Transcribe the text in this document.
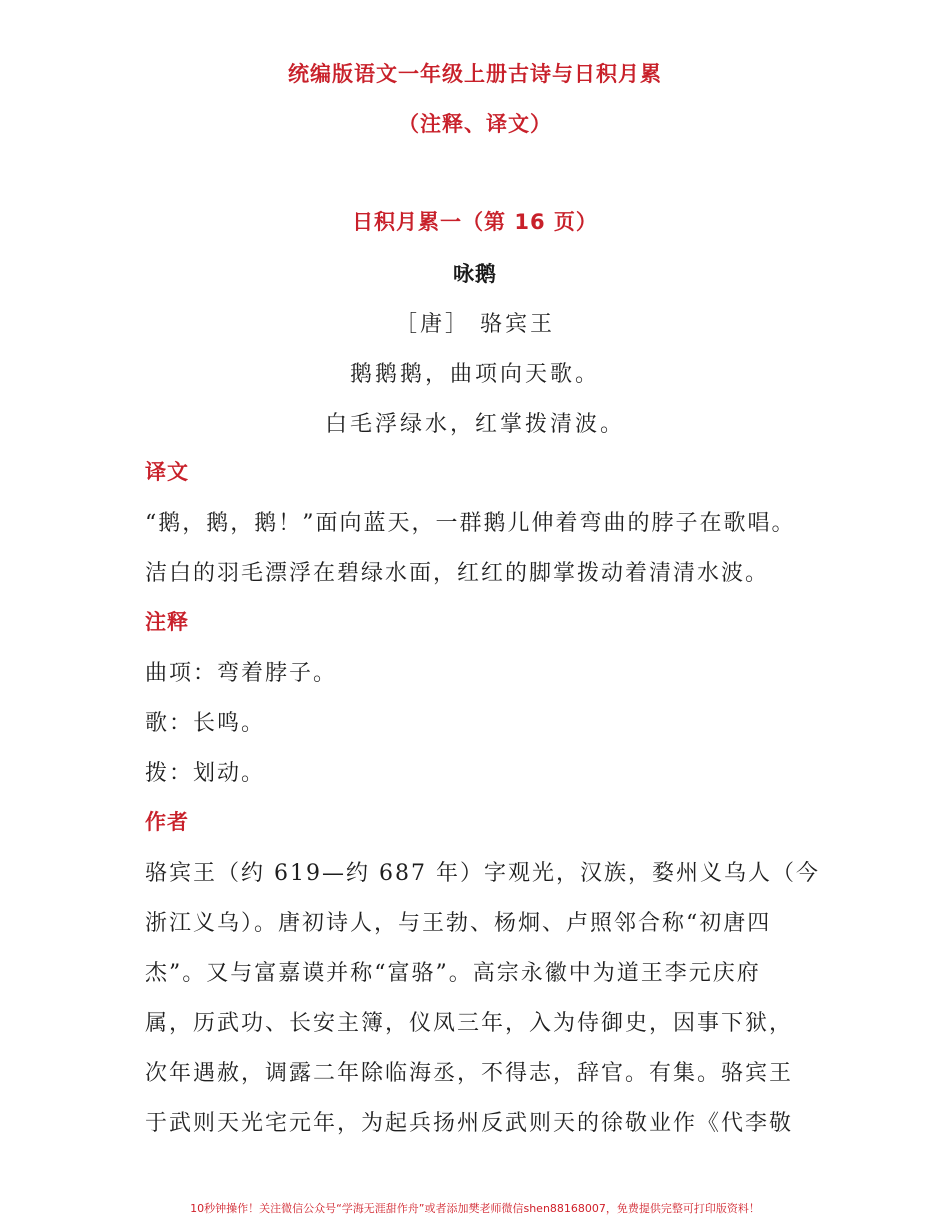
统编版语文一年级上册古诗与日积月累
（注释、译文）
日积月累一（第 16 页）
咏鹅
［唐］ 骆宾王
鹅鹅鹅，曲项向天歌。
白毛浮绿水，红掌拨清波。
译文
“鹅，鹅，鹅！”面向蓝天，一群鹅儿伸着弯曲的脖子在歌唱。
洁白的羽毛漂浮在碧绿水面，红红的脚掌拨动着清清水波。
注释
曲项：弯着脖子。
歌：长鸣。
拨：划动。
作者
骆宾王（约 619—约 687 年）字观光，汉族，婺州义乌人（今
浙江义乌）。唐初诗人，与王勃、杨炯、卢照邻合称“初唐四
杰”。又与富嘉谟并称“富骆”。高宗永徽中为道王李元庆府
属，历武功、长安主簿，仪凤三年，入为侍御史，因事下狱，
次年遇赦，调露二年除临海丞，不得志，辞官。有集。骆宾王
于武则天光宅元年，为起兵扬州反武则天的徐敬业作《代李敬
10秒钟操作！关注微信公众号“学海无涯甜作舟”或者添加樊老师微信shen88168007，免费提供完整可打印版资料！
